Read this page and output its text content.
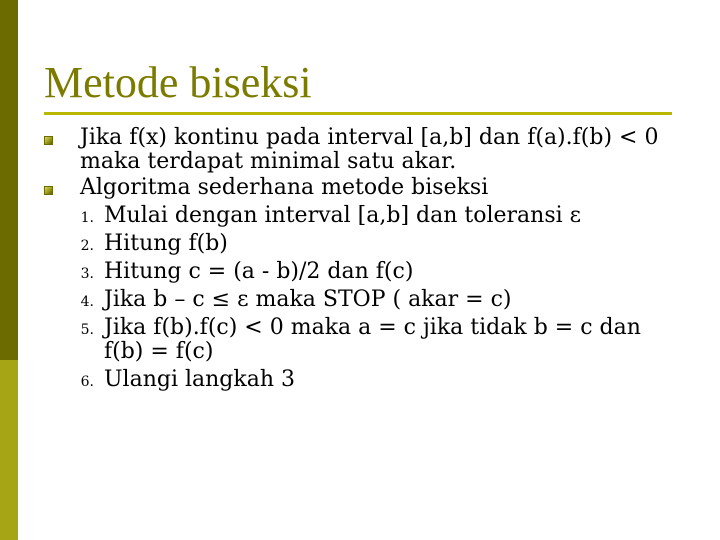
Metode biseksi
Jika f(x) kontinu pada interval [a,b] dan f(a).f(b) < 0
maka terdapat minimal satu akar.
Algoritma sederhana metode biseksi
1. Mulai dengan interval [a,b] dan toleransi ε
2. Hitung f(b)
3. Hitung c = (a - b)/2 dan f(c)
4. Jika b – c ≤ ε maka STOP ( akar = c)
5. Jika f(b).f(c) < 0 maka a = c jika tidak b = c dan
f(b) = f(c)
6. Ulangi langkah 3
